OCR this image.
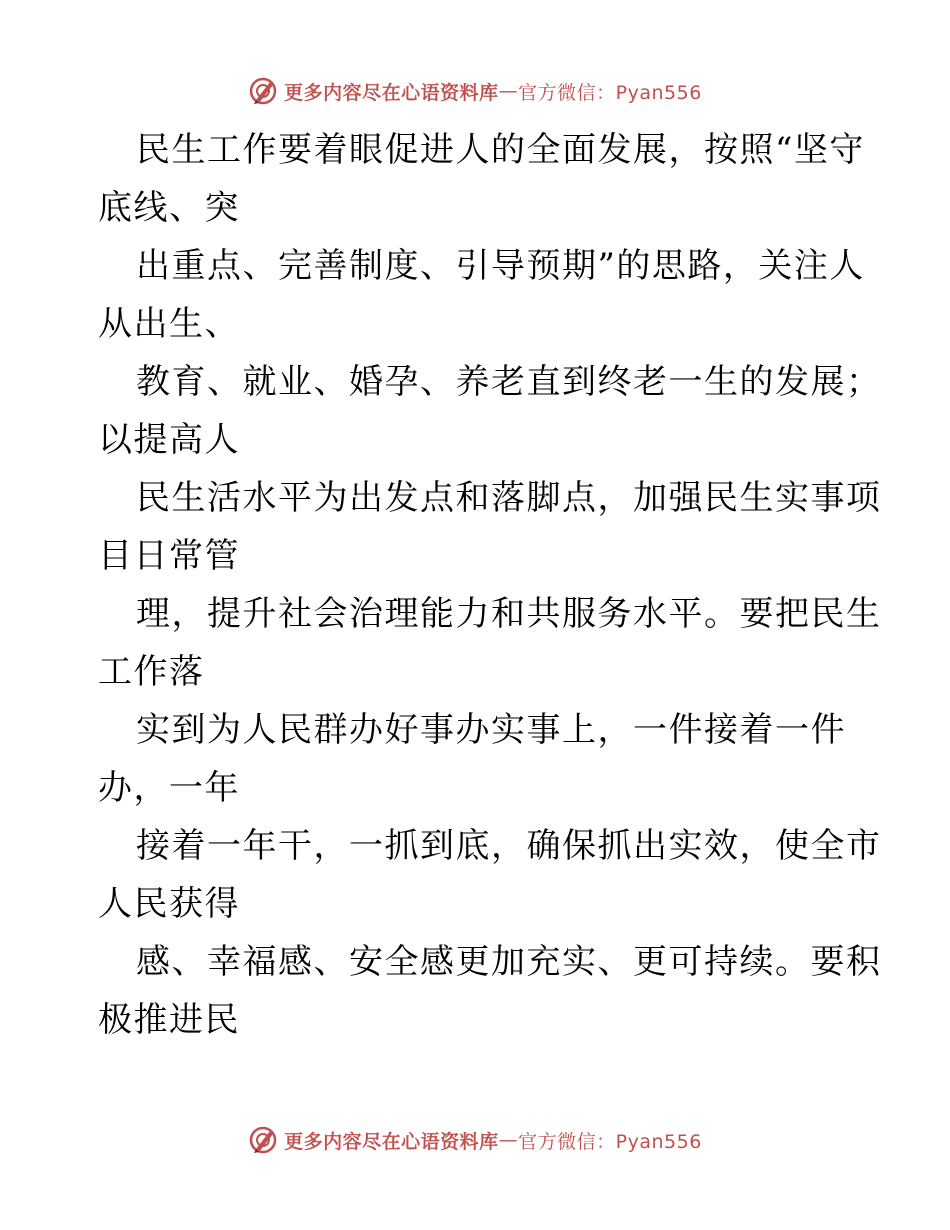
更多内容尽在心语资料库 — 官方微信：Pyan556
民生工作要着眼促进人的全面发展，按照“坚守
底线、突
出重点、完善制度、引导预期”的思路，关注人
从出生、
教育、就业、婚孕、养老直到终老一生的发展；
以提高人
民生活水平为出发点和落脚点，加强民生实事项
目日常管
理，提升社会治理能力和共服务水平。要把民生
工作落
实到为人民群办好事办实事上，一件接着一件
办，一年
接着一年干，一抓到底，确保抓出实效，使全市
人民获得
感、幸福感、安全感更加充实、更可持续。要积
极推进民
更多内容尽在心语资料库 — 官方微信：Pyan556
